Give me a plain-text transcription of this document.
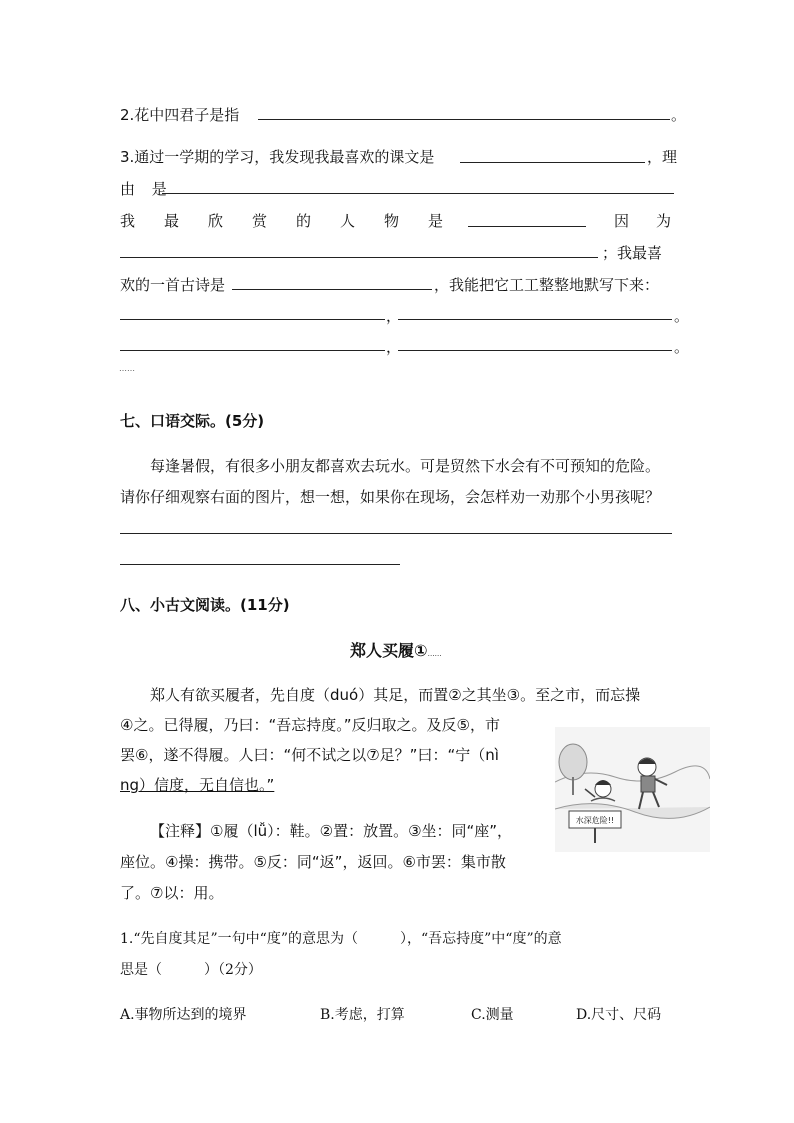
2.花中四君子是指	。
3.通过一学期的学习，我发现我最喜欢的课文是	，理
由 是
我 最 欣 赏 的 人 物 是	因 为
；我最喜
欢的一首古诗是	，我能把它工工整整地默写下来：
，	。
，	。
……
七、口语交际。(5分)
每逢暑假，有很多小朋友都喜欢去玩水。可是贸然下水会有不可预知的危险。
请你仔细观察右面的图片，想一想，如果你在现场，会怎样劝一劝那个小男孩呢？
八、小古文阅读。(11分)
郑人买履①……
郑人有欲买履者，先自度（duó）其足，而置②之其坐③。至之市，而忘操
④之。已得履，乃曰：“吾忘持度。”反归取之。及反⑤，市
罢⑥，遂不得履。人曰：“何不试之以⑦足？”曰：“宁（nì
ng）信度，无自信也。”
【注释】①履（lǚ）：鞋。②置：放置。③坐：同“座”，
座位。④操：携带。⑤反：同“返”，返回。⑥市罢：集市散
了。⑦以：用。
水深危险!!
1.“先自度其足”一句中“度”的意思为（　　　），“吾忘持度”中“度”的意
思是（　　　）（2分）
A.事物所达到的境界	B.考虑，打算	C.测量	D.尺寸、尺码
